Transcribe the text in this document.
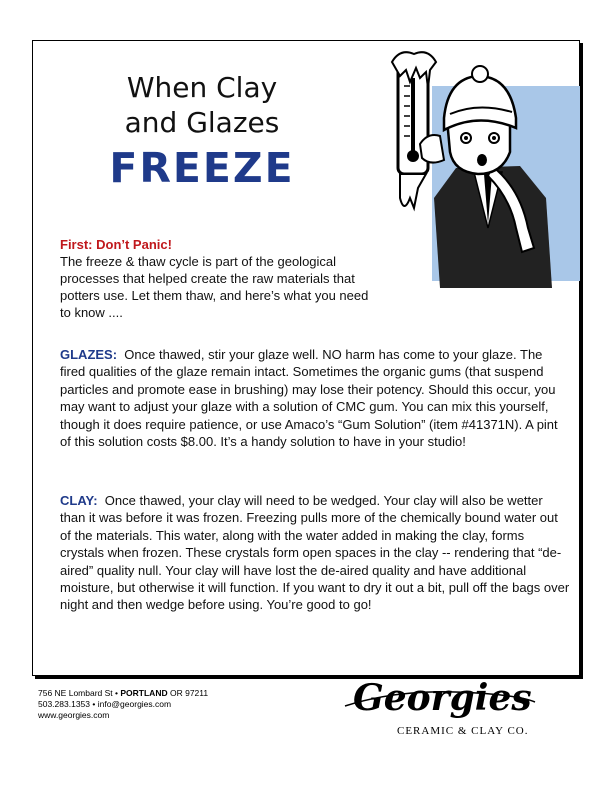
When Clay
and Glazes
FREEZE
First: Don’t Panic!
The freeze & thaw cycle is part of the geological processes that helped create the raw materials that potters use. Let them thaw, and here’s what you need to know ....
GLAZES: Once thawed, stir your glaze well. NO harm has come to your glaze. The fired qualities of the glaze remain intact. Sometimes the organic gums (that suspend particles and promote ease in brushing) may lose their potency. Should this occur, you may want to adjust your glaze with a solution of CMC gum. You can mix this yourself, though it does require patience, or use Amaco’s “Gum Solution” (item #41371N). A pint of this solution costs $8.00. It’s a handy solution to have in your studio!
CLAY: Once thawed, your clay will need to be wedged. Your clay will also be wetter than it was before it was frozen. Freezing pulls more of the chemically bound water out of the materials. This water, along with the water added in making the clay, forms crystals when frozen. These crystals form open spaces in the clay -- rendering that “de-aired” quality null. Your clay will have lost the de-aired quality and have additional moisture, but otherwise it will function. If you want to dry it out a bit, pull off the bags over night and then wedge before using. You’re good to go!
756 NE Lombard St • PORTLAND OR 97211
503.283.1353 • info@georgies.com
www.georgies.com	Georgies
CERAMIC & CLAY CO.
